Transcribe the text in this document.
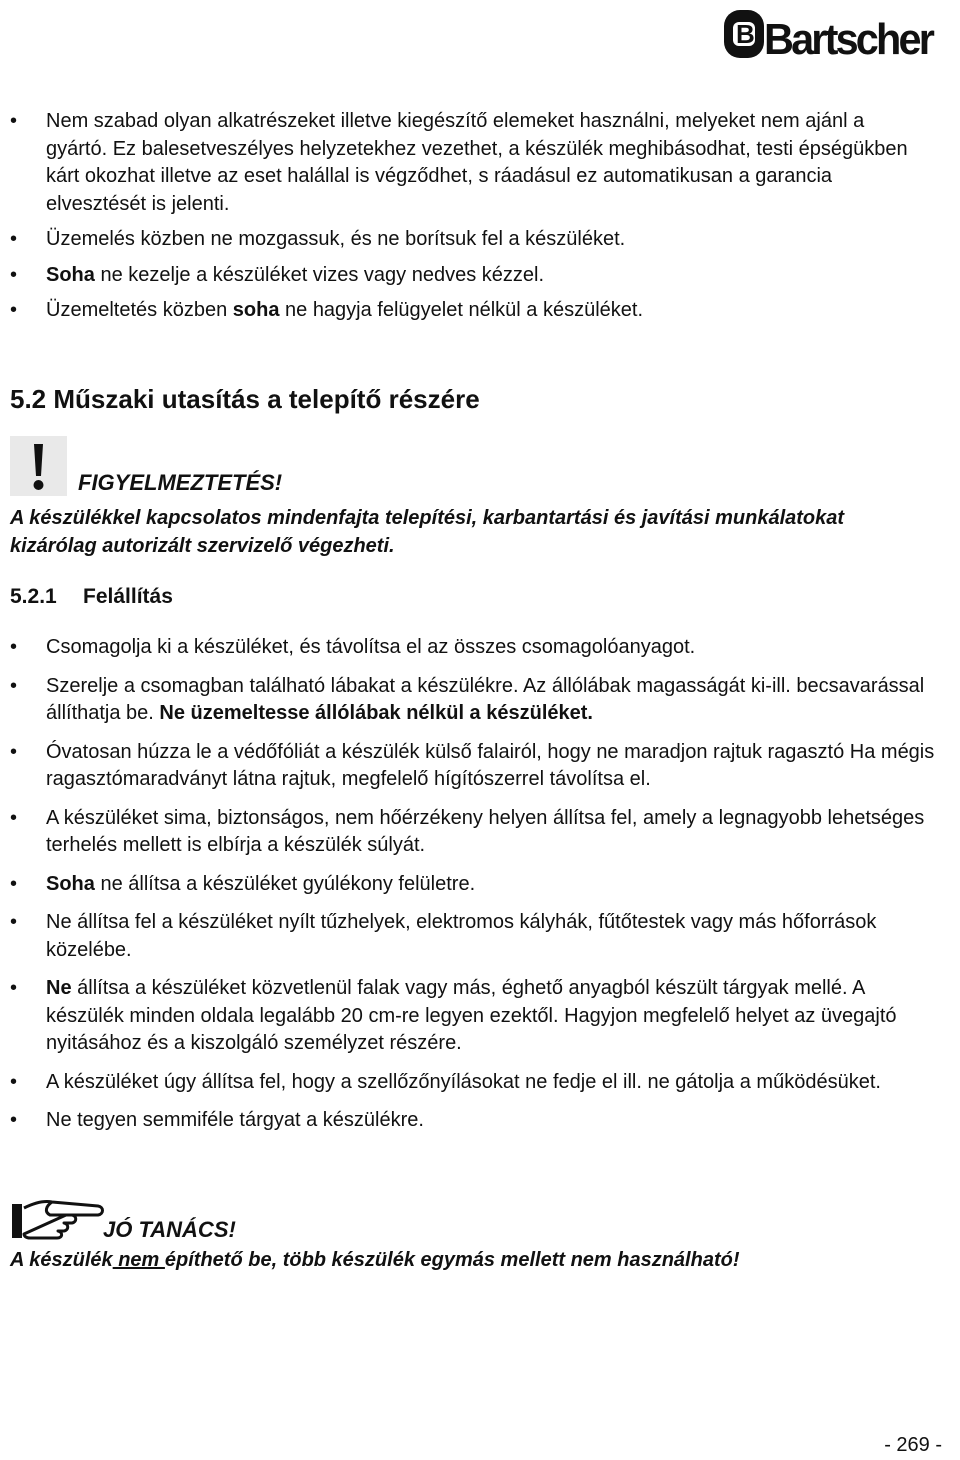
B Bartscher
• Nem szabad olyan alkatrészeket illetve kiegészítő elemeket használni, melyeket nem ajánl a gyártó. Ez balesetveszélyes helyzetekhez vezethet, a készülék meghibásodhat, testi épségükben kárt okozhat illetve az eset halállal is végződhet, s ráadásul ez automatikusan a garancia elvesztését is jelenti.
• Üzemelés közben ne mozgassuk, és ne borítsuk fel a készüléket.
• Soha ne kezelje a készüléket vizes vagy nedves kézzel.
• Üzemeltetés közben soha ne hagyja felügyelet nélkül a készüléket.
5.2 Műszaki utasítás a telepítő részére
FIGYELMEZTETÉS!
A készülékkel kapcsolatos mindenfajta telepítési, karbantartási és javítási munkálatokat kizárólag autorizált szervizelő végezheti.
5.2.1 Felállítás
• Csomagolja ki a készüléket, és távolítsa el az összes csomagolóanyagot.
• Szerelje a csomagban található lábakat a készülékre. Az állólábak magasságát ki-ill. becsavarással állíthatja be. Ne üzemeltesse állólábak nélkül a készüléket.
• Óvatosan húzza le a védőfóliát a készülék külső falairól, hogy ne maradjon rajtuk ragasztó Ha mégis ragasztómaradványt látna rajtuk, megfelelő hígítószerrel távolítsa el.
• A készüléket sima, biztonságos, nem hőérzékeny helyen állítsa fel, amely a legnagyobb lehetséges terhelés mellett is elbírja a készülék súlyát.
• Soha ne állítsa a készüléket gyúlékony felületre.
• Ne állítsa fel a készüléket nyílt tűzhelyek, elektromos kályhák, fűtőtestek vagy más hőforrások közelébe.
• Ne állítsa a készüléket közvetlenül falak vagy más, éghető anyagból készült tárgyak mellé. A készülék minden oldala legalább 20 cm-re legyen ezektől. Hagyjon megfelelő helyet az üvegajtó nyitásához és a kiszolgáló személyzet részére.
• A készüléket úgy állítsa fel, hogy a szellőzőnyílásokat ne fedje el ill. ne gátolja a működésüket.
• Ne tegyen semmiféle tárgyat a készülékre.
JÓ TANÁCS!
A készülék nem építhető be, több készülék egymás mellett nem használható!
- 269 -
